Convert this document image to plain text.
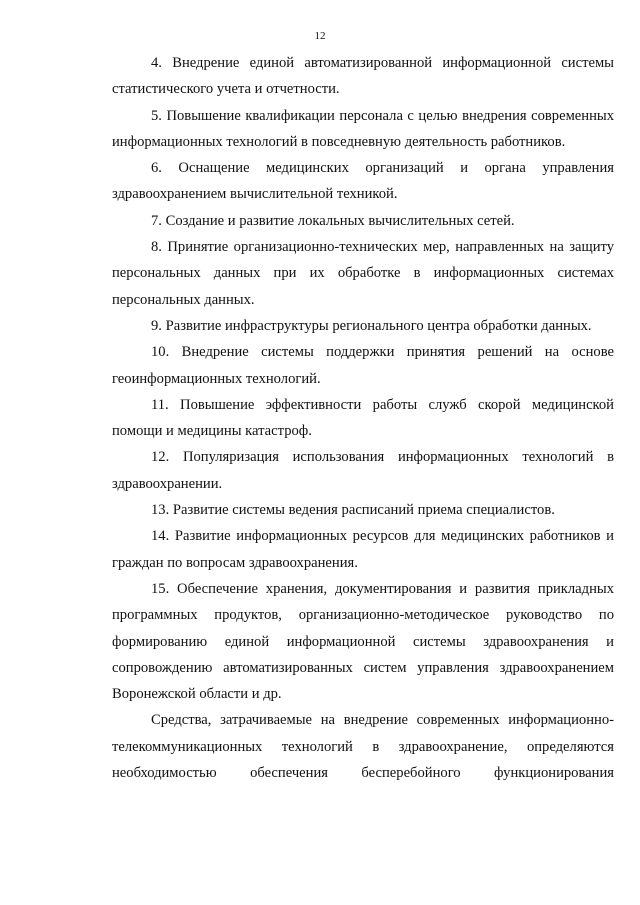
12

4. Внедрение единой автоматизированной информационной системы статистического учета и отчетности.

5. Повышение квалификации персонала с целью внедрения современных информационных технологий в повседневную деятельность работников.

6. Оснащение медицинских организаций и органа управления здравоохранением вычислительной техникой.

7. Создание и развитие локальных вычислительных сетей.

8. Принятие организационно-технических мер, направленных на защиту персональных данных при их обработке в информационных системах персональных данных.

9. Развитие инфраструктуры регионального центра обработки данных.

10. Внедрение системы поддержки принятия решений на основе геоинформационных технологий.

11. Повышение эффективности работы служб скорой медицинской помощи и медицины катастроф.

12. Популяризация использования информационных технологий в здравоохранении.

13. Развитие системы ведения расписаний приема специалистов.

14. Развитие информационных ресурсов для медицинских работников и граждан по вопросам здравоохранения.

15. Обеспечение хранения, документирования и развития прикладных программных продуктов, организационно-методическое руководство по формированию единой информационной системы здравоохранения и сопровождению автоматизированных систем управления здравоохранением Воронежской области и др.

Средства, затрачиваемые на внедрение современных информационно-телекоммуникационных технологий в здравоохранение, определяются необходимостью обеспечения бесперебойного функционирования
